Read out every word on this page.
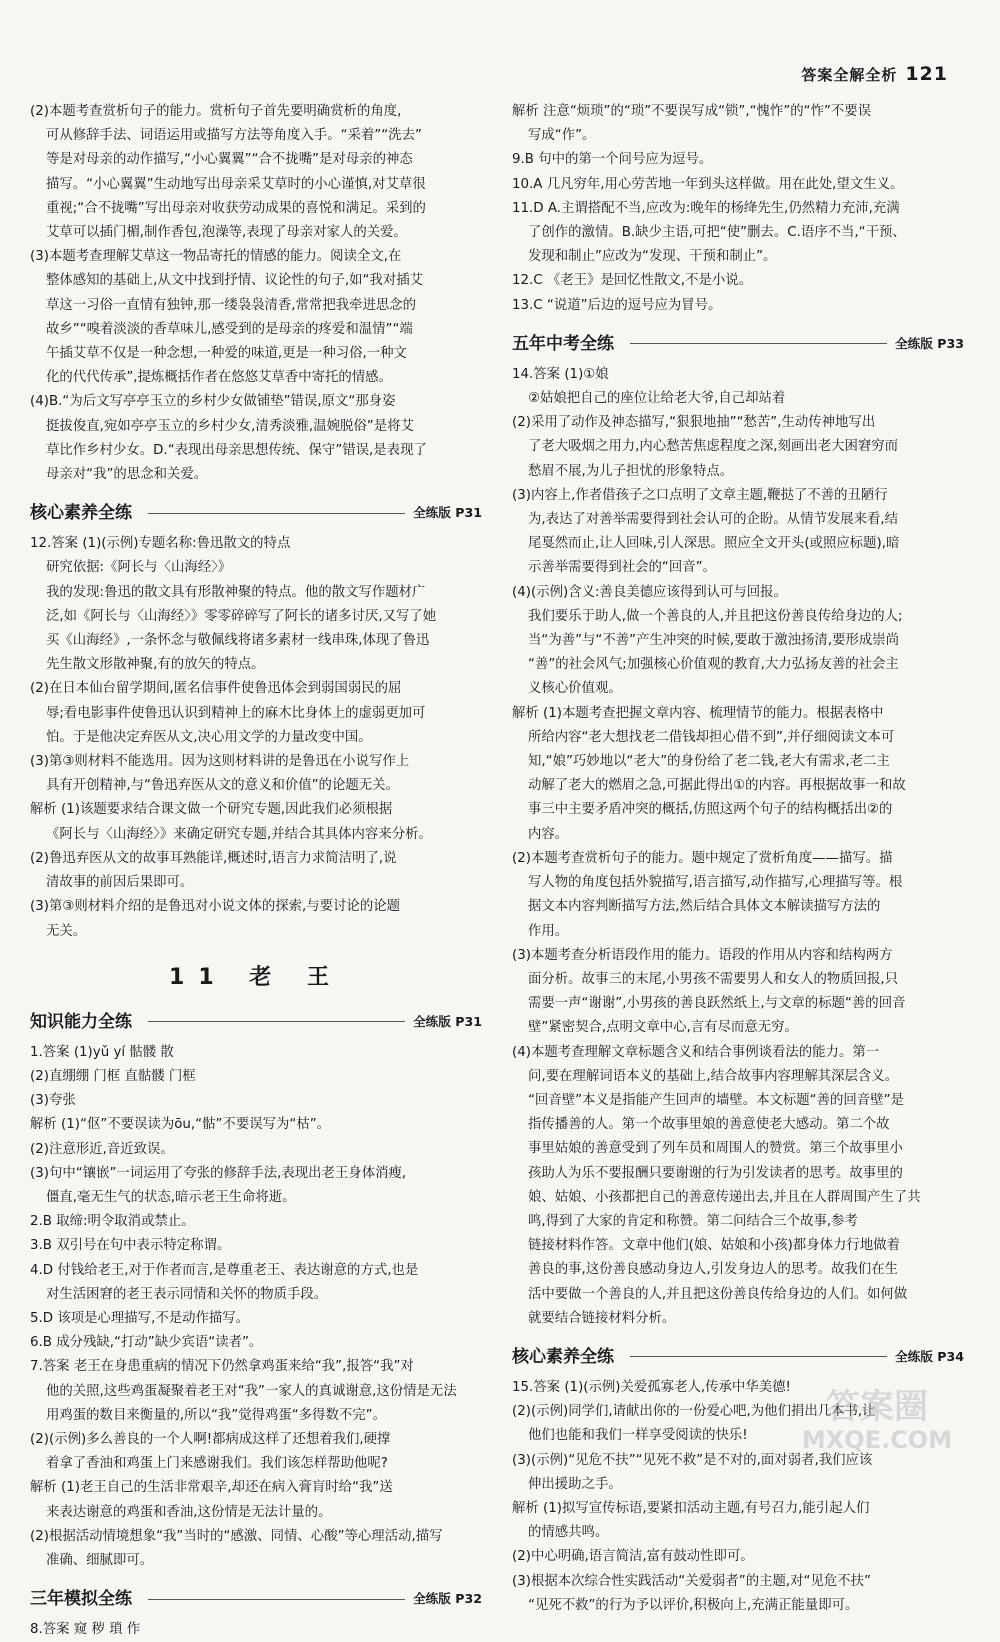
答案全解全析 121

(2)本题考查赏析句子的能力。赏析句子首先要明确赏析的角度,

可从修辞手法、词语运用或描写方法等角度入手。“采着”“洗去”

等是对母亲的动作描写,“小心翼翼”“合不拢嘴”是对母亲的神态

描写。“小心翼翼”生动地写出母亲采艾草时的小心谨慎,对艾草很

重视;“合不拢嘴”写出母亲对收获劳动成果的喜悦和满足。采到的

艾草可以插门楣,制作香包,泡澡等,表现了母亲对家人的关爱。

(3)本题考查理解艾草这一物品寄托的情感的能力。阅读全文,在

整体感知的基础上,从文中找到抒情、议论性的句子,如“我对插艾

草这一习俗一直情有独钟,那一缕袅袅清香,常常把我牵进思念的

故乡”“嗅着淡淡的香草味儿,感受到的是母亲的疼爱和温情”“端

午插艾草不仅是一种念想,一种爱的味道,更是一种习俗,一种文

化的代代传承”,提炼概括作者在悠悠艾草香中寄托的情感。

(4)B.“为后文写亭亭玉立的乡村少女做铺垫”错误,原文“那身姿

挺拔俊直,宛如亭亭玉立的乡村少女,清秀淡雅,温婉脱俗”是将艾

草比作乡村少女。D.“表现出母亲思想传统、保守”错误,是表现了

母亲对“我”的思念和关爱。

核心素养全练	全练版 P31

12.答案 (1)(示例)专题名称:鲁迅散文的特点

研究依据:《阿长与〈山海经〉》

我的发现:鲁迅的散文具有形散神聚的特点。他的散文写作题材广

泛,如《阿长与〈山海经〉》零零碎碎写了阿长的诸多讨厌,又写了她

买《山海经》,一条怀念与敬佩线将诸多素材一线串珠,体现了鲁迅

先生散文形散神聚,有的放矢的特点。

(2)在日本仙台留学期间,匿名信事件使鲁迅体会到弱国弱民的屈

辱;看电影事件使鲁迅认识到精神上的麻木比身体上的虚弱更加可

怕。于是他决定弃医从文,决心用文学的力量改变中国。

(3)第③则材料不能选用。因为这则材料讲的是鲁迅在小说写作上

具有开创精神,与“鲁迅弃医从文的意义和价值”的论题无关。

解析 (1)该题要求结合课文做一个研究专题,因此我们必须根据

《阿长与〈山海经〉》来确定研究专题,并结合其具体内容来分析。

(2)鲁迅弃医从文的故事耳熟能详,概述时,语言力求简洁明了,说

清故事的前因后果即可。

(3)第③则材料介绍的是鲁迅对小说文体的探索,与要讨论的论题

无关。

11 老 王
知识能力全练	全练版 P31

1.答案 (1)yǔ yí 骷髅 散

(2)直绷绷 门框 直骷髅 门框

(3)夸张

解析 (1)“伛”不要误读为ōu,“骷”不要误写为“枯”。

(2)注意形近,音近致误。

(3)句中“镶嵌”一词运用了夸张的修辞手法,表现出老王身体消瘦,

僵直,毫无生气的状态,暗示老王生命将逝。

2.B 取缔:明令取消或禁止。

3.B 双引号在句中表示特定称谓。

4.D 付钱给老王,对于作者而言,是尊重老王、表达谢意的方式,也是

对生活困窘的老王表示同情和关怀的物质手段。

5.D 该项是心理描写,不是动作描写。

6.B 成分残缺,“打动”缺少宾语“读者”。

7.答案 老王在身患重病的情况下仍然拿鸡蛋来给“我”,报答“我”对

他的关照,这些鸡蛋凝聚着老王对“我”一家人的真诚谢意,这份情是无法

用鸡蛋的数目来衡量的,所以“我”觉得鸡蛋“多得数不完”。

(2)(示例)多么善良的一个人啊!都病成这样了还想着我们,硬撑

着拿了香油和鸡蛋上门来感谢我们。我们该怎样帮助他呢?

解析 (1)老王自己的生活非常艰辛,却还在病入膏肓时给“我”送

来表达谢意的鸡蛋和香油,这份情是无法计量的。

(2)根据活动情境想象“我”当时的“感激、同情、心酸”等心理活动,描写

准确、细腻即可。

三年模拟全练	全练版 P32

8.答案 窥 秽 瑣 作

解析 注意“烦琐”的“琐”不要误写成“锁”,“愧怍”的“怍”不要误

写成“作”。

9.B 句中的第一个问号应为逗号。

10.A 几凡穷年,用心劳苦地一年到头这样做。用在此处,望文生义。

11.D A.主谓搭配不当,应改为:晚年的杨绛先生,仍然精力充沛,充满

了创作的激情。B.缺少主语,可把“使”删去。C.语序不当,“干预、

发现和制止”应改为“发现、干预和制止”。

12.C 《老王》是回忆性散文,不是小说。

13.C “说道”后边的逗号应为冒号。

五年中考全练	全练版 P33

14.答案 (1)①娘

②姑娘把自己的座位让给老大爷,自己却站着

(2)采用了动作及神态描写,“狠狠地抽”“愁苦”,生动传神地写出

了老大吸烟之用力,内心愁苦焦虑程度之深,刻画出老大困窘穷而

愁眉不展,为儿子担忧的形象特点。

(3)内容上,作者借孩子之口点明了文章主题,鞭挞了不善的丑陋行

为,表达了对善举需要得到社会认可的企盼。从情节发展来看,结

尾戛然而止,让人回味,引人深思。照应全文开头(或照应标题),暗

示善举需要得到社会的“回音”。

(4)(示例)含义:善良美德应该得到认可与回报。

我们要乐于助人,做一个善良的人,并且把这份善良传给身边的人;

当“为善”与“不善”产生冲突的时候,要敢于激浊扬清,要形成崇尚

“善”的社会风气;加强核心价值观的教育,大力弘扬友善的社会主

义核心价值观。

解析 (1)本题考查把握文章内容、梳理情节的能力。根据表格中

所给内容“老大想找老二借钱却担心借不到”,并仔细阅读文本可

知,“娘”巧妙地以“老大”的身份给了老二钱,老大有需求,老二主

动解了老大的燃眉之急,可据此得出①的内容。再根据故事一和故

事三中主要矛盾冲突的概括,仿照这两个句子的结构概括出②的

内容。

(2)本题考查赏析句子的能力。题中规定了赏析角度——描写。描

写人物的角度包括外貌描写,语言描写,动作描写,心理描写等。根

据文本内容判断描写方法,然后结合具体文本解读描写方法的

作用。

(3)本题考查分析语段作用的能力。语段的作用从内容和结构两方

面分析。故事三的末尾,小男孩不需要男人和女人的物质回报,只

需要一声“谢谢”,小男孩的善良跃然纸上,与文章的标题“善的回音

壁”紧密契合,点明文章中心,言有尽而意无穷。

(4)本题考查理解文章标题含义和结合事例谈看法的能力。第一

问,要在理解词语本义的基础上,结合故事内容理解其深层含义。

“回音壁”本义是指能产生回声的墙壁。本文标题“善的回音壁”是

指传播善的人。第一个故事里娘的善意使老大感动。第二个故

事里姑娘的善意受到了列车员和周围人的赞赏。第三个故事里小

孩助人为乐不要报酬只要谢谢的行为引发读者的思考。故事里的

娘、姑娘、小孩都把自己的善意传递出去,并且在人群周围产生了共

鸣,得到了大家的肯定和称赞。第二问结合三个故事,参考

链接材料作答。文章中他们(娘、姑娘和小孩)都身体力行地做着

善良的事,这份善良感动身边人,引发身边人的思考。故我们在生

活中要做一个善良的人,并且把这份善良传给身边的人们。如何做

就要结合链接材料分析。

核心素养全练	全练版 P34

15.答案 (1)(示例)关爱孤寡老人,传承中华美德!

(2)(示例)同学们,请献出你的一份爱心吧,为他们捐出几本书,让

他们也能和我们一样享受阅读的快乐!

(3)(示例)“见危不扶”“见死不救”是不对的,面对弱者,我们应该

伸出援助之手。

解析 (1)拟写宣传标语,要紧扣活动主题,有号召力,能引起人们

的情感共鸣。

(2)中心明确,语言简洁,富有鼓动性即可。

(3)根据本次综合性实践活动“关爱弱者”的主题,对“见危不扶”

“见死不救”的行为予以评价,积极向上,充满正能量即可。

答案圈
MXQE.COM
